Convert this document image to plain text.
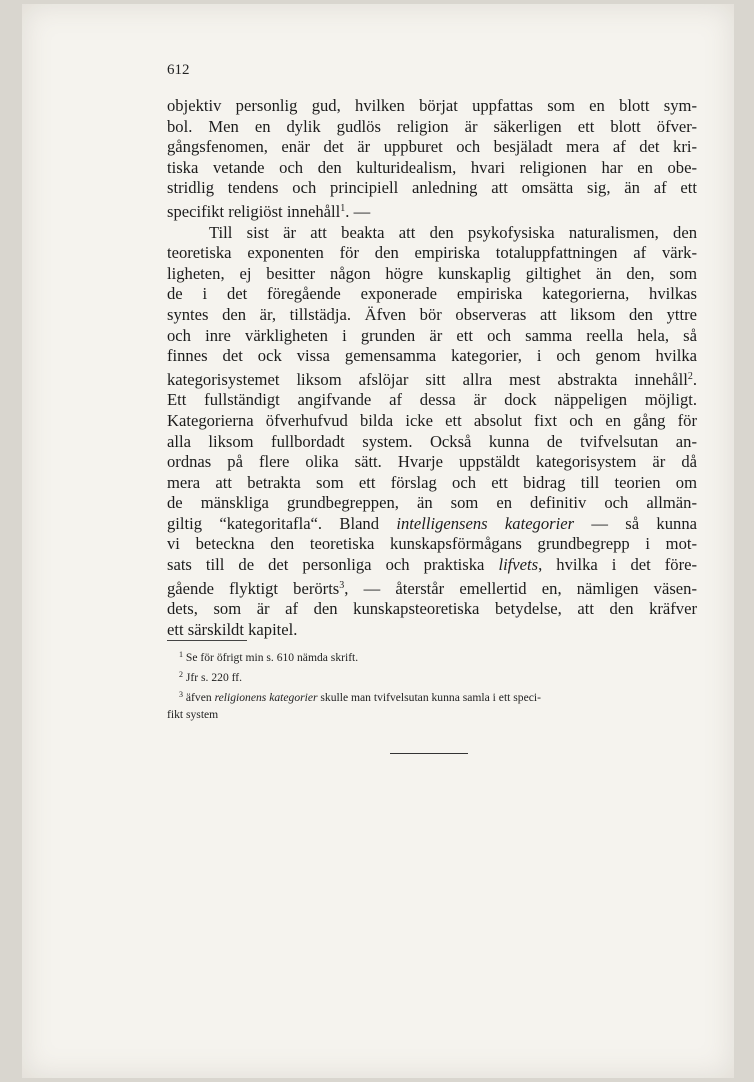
612
objektiv personlig gud, hvilken börjat uppfattas som en blott sym-
bol. Men en dylik gudlös religion är säkerligen ett blott öfver-
gångsfenomen, enär det är uppburet och besjäladt mera af det kri-
tiska vetande och den kulturidealism, hvari religionen har en obe-
stridlig tendens och principiell anledning att omsätta sig, än af ett
specifikt religiöst innehåll$^1$. —
Till sist är att beakta att den psykofysiska naturalismen, den
teoretiska exponenten för den empiriska totaluppfattningen af värk-
ligheten, ej besitter någon högre kunskaplig giltighet än den, som
de i det föregående exponerade empiriska kategorierna, hvilkas
syntes den är, tillstädja. Äfven bör observeras att liksom den yttre
och inre värkligheten i grunden är ett och samma reella hela, så
finnes det ock vissa gemensamma kategorier, i och genom hvilka
kategorisystemet liksom afslöjar sitt allra mest abstrakta innehåll$^2$.
Ett fullständigt angifvande af dessa är dock näppeligen möjligt.
Kategorierna öfverhufvud bilda icke ett absolut fixt och en gång för
alla liksom fullbordadt system. Också kunna de tvifvelsutan an-
ordnas på flere olika sätt. Hvarje uppstäldt kategorisystem är då
mera att betrakta som ett förslag och ett bidrag till teorien om
de mänskliga grundbegreppen, än som en definitiv och allmän-
giltig “kategoritafla“. Bland intelligensens kategorier — så kunna
vi beteckna den teoretiska kunskapsförmågans grundbegrepp i mot-
sats till de det personliga och praktiska lifvets, hvilka i det före-
gående flyktigt berörts$^3$, — återstår emellertid en, nämligen väsen-
dets, som är af den kunskapsteoretiska betydelse, att den kräfver
ett särskildt kapitel.
$^1$ Se för öfrigt min s. 610 nämda skrift.
$^2$ Jfr s. 220 ff.
$^3$ äfven religionens kategorier skulle man tvifvelsutan kunna samla i ett speci-
fikt system
